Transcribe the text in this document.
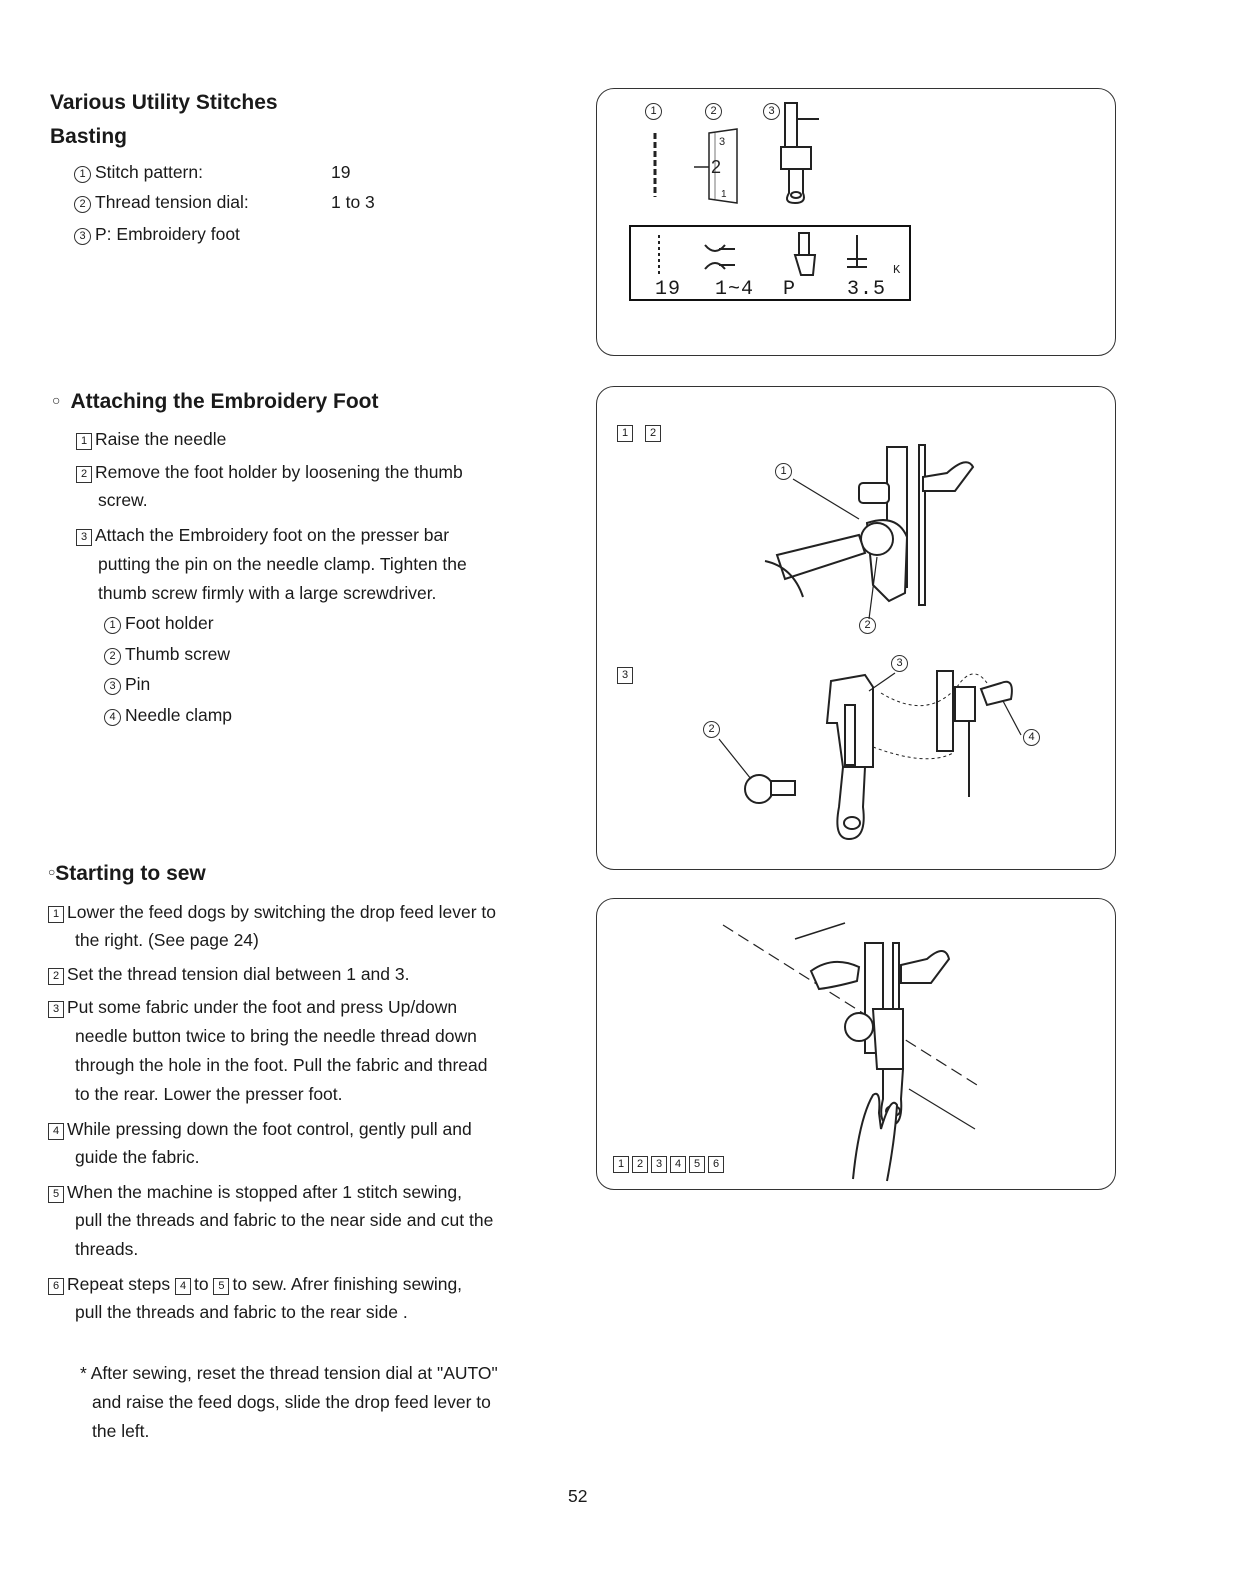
Various Utility Stitches
Basting
1 Stitch pattern:	19
2 Thread tension dial:	1 to 3
3 P: Embroidery foot
○ Attaching the Embroidery Foot
1 Raise the needle
2 Remove the foot holder by loosening the thumb
screw.
3 Attach the Embroidery foot on the presser bar
putting the pin on the needle clamp. Tighten the
thumb screw firmly with a large screwdriver.
1 Foot holder
2 Thumb screw
3 Pin
4 Needle clamp
○Starting to sew
1 Lower the feed dogs by switching the drop feed lever to
the right. (See page 24)
2 Set the thread tension dial between 1 and 3.
3 Put some fabric under the foot and press Up/down
needle button twice to bring the needle thread down
through the hole in the foot. Pull the fabric and thread
to the rear. Lower the presser foot.
4 While pressing down the foot control, gently pull and
guide the fabric.
5 When the machine is stopped after 1 stitch sewing,
pull the threads and fabric to the near side and cut the
threads.
6 Repeat steps 4 to 5 to sew. Afrer finishing sewing,
pull the threads and fabric to the rear side .
* After sewing, reset the thread tension dial at "AUTO"
and raise the feed dogs, slide the drop feed lever to
the left.
52
1	2	3
3
2
1
K
19 1~4 P	3.5
1	2
3
1
2
2
3
4
1 2 3 4 5 6
